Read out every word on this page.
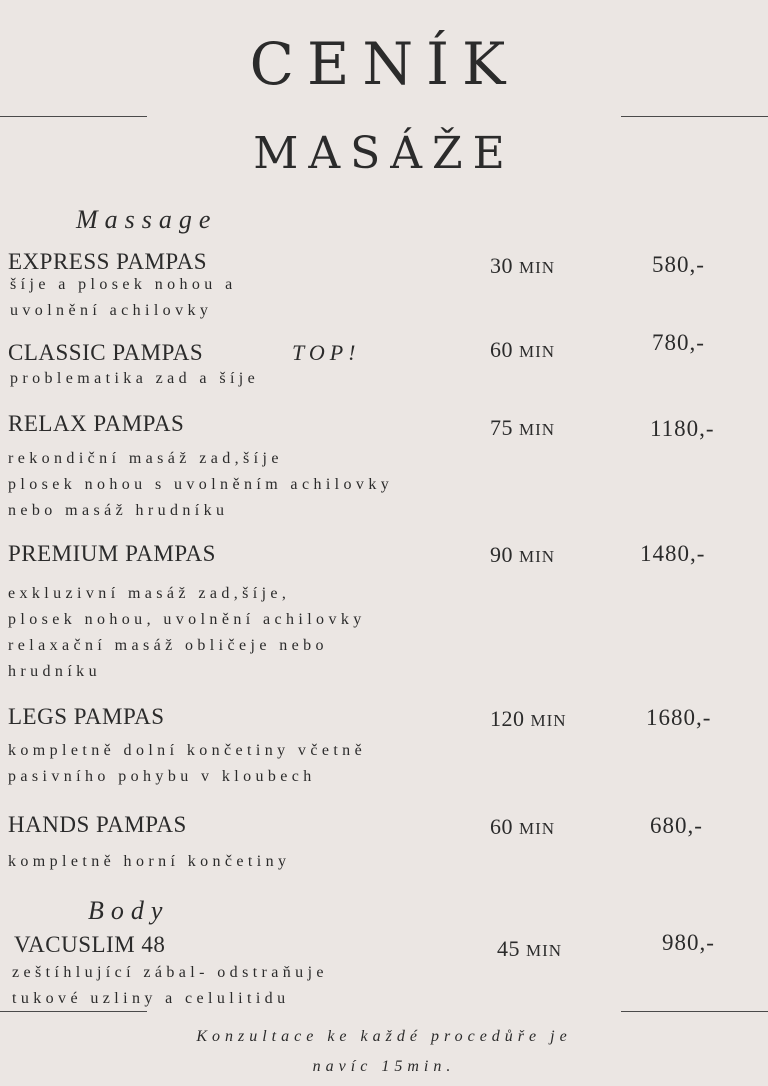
CENÍK
MASÁŽE
Massage
EXPRESS PAMPAS
šíje a plosek nohou a
uvolnění achilovky
30 MIN	580,-
CLASSIC PAMPAS	TOP!
problematika zad a šíje
60 MIN	780,-
RELAX PAMPAS
rekondiční masáž zad,šíje
plosek nohou s uvolněním achilovky
nebo masáž hrudníku
75 MIN	1180,-
PREMIUM PAMPAS
exkluzivní masáž zad,šíje,
plosek nohou, uvolnění achilovky
relaxační masáž obličeje nebo
hrudníku
90 MIN	1480,-
LEGS PAMPAS
kompletně dolní končetiny včetně
pasivního pohybu v kloubech
120 MIN	1680,-
HANDS PAMPAS
kompletně horní končetiny
60 MIN	680,-
Body
VACUSLIM 48
zeštíhlující zábal- odstraňuje
tukové uzliny a celulitidu
45 MIN	980,-
Konzultace ke každé procedůře je
navíc 15min.
